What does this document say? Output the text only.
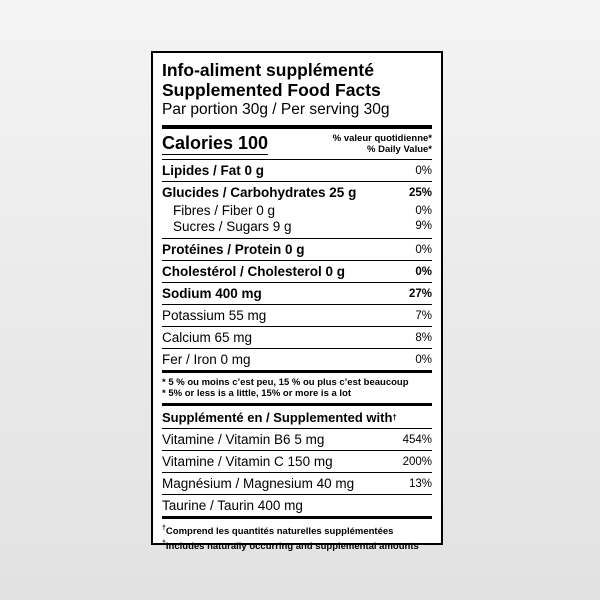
Info-aliment supplémenté
Supplemented Food Facts
Par portion 30g / Per serving 30g
Calories 100	% valeur quotidienne*
% Daily Value*
Lipides / Fat 0 g	0%
Glucides / Carbohydrates 25 g	25%
Fibres / Fiber 0 g	0%
Sucres / Sugars 9 g	9%
Protéines / Protein 0 g	0%
Cholestérol / Cholesterol 0 g	0%
Sodium 400 mg	27%
Potassium 55 mg	7%
Calcium 65 mg	8%
Fer / Iron 0 mg	0%
* 5 % ou moins c’est peu, 15 % ou plus c’est beaucoup
* 5% or less is a little, 15% or more is a lot
Supplémenté en / Supplemented with †
Vitamine / Vitamin B6 5 mg	454%
Vitamine / Vitamin C 150 mg	200%
Magnésium / Magnesium 40 mg	13%
Taurine / Taurin 400 mg
†Comprend les quantités naturelles supplémentées
†Includes naturally occurring and supplemental amounts
